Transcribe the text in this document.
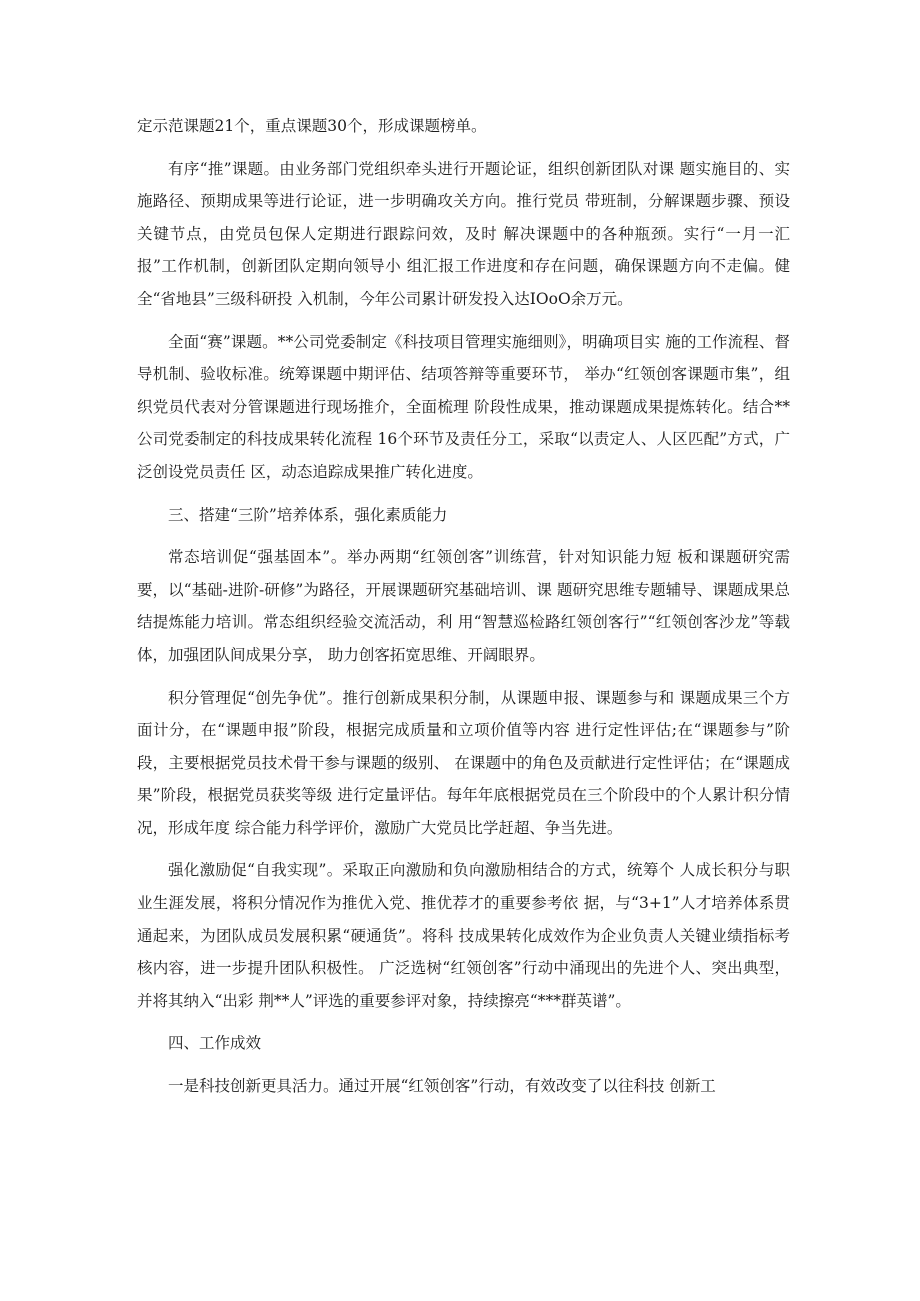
定示范课题21个，重点课题30个，形成课题榜单。

有序“推”课题。由业务部门党组织牵头进行开题论证，组织创新团队对课 题实施目的、实施路径、预期成果等进行论证，进一步明确攻关方向。推行党员 带班制，分解课题步骤、预设关键节点，由党员包保人定期进行跟踪问效，及时 解决课题中的各种瓶颈。实行“一月一汇报”工作机制，创新团队定期向领导小 组汇报工作进度和存在问题，确保课题方向不走偏。健全“省地县”三级科研投 入机制，今年公司累计研发投入达IOoO余万元。

全面“赛”课题。**公司党委制定《科技项目管理实施细则》，明确项目实 施的工作流程、督导机制、验收标准。统筹课题中期评估、结项答辩等重要环节， 举办“红领创客课题市集”，组织党员代表对分管课题进行现场推介，全面梳理 阶段性成果，推动课题成果提炼转化。结合**公司党委制定的科技成果转化流程 16个环节及责任分工，采取“以责定人、人区匹配”方式，广泛创设党员责任 区，动态追踪成果推广转化进度。

三、搭建“三阶”培养体系，强化素质能力

常态培训促“强基固本”。举办两期“红领创客”训练营，针对知识能力短 板和课题研究需要，以“基础-进阶-研修”为路径，开展课题研究基础培训、课 题研究思维专题辅导、课题成果总结提炼能力培训。常态组织经验交流活动，利 用“智慧巡检路红领创客行”“红领创客沙龙”等载体，加强团队间成果分享， 助力创客拓宽思维、开阔眼界。

积分管理促“创先争优”。推行创新成果积分制，从课题申报、课题参与和 课题成果三个方面计分，在“课题申报”阶段，根据完成质量和立项价值等内容 进行定性评估;在“课题参与”阶段，主要根据党员技术骨干参与课题的级别、 在课题中的角色及贡献进行定性评估；在“课题成果”阶段，根据党员获奖等级 进行定量评估。每年年底根据党员在三个阶段中的个人累计积分情况，形成年度 综合能力科学评价，激励广大党员比学赶超、争当先进。

强化激励促“自我实现”。采取正向激励和负向激励相结合的方式，统筹个 人成长积分与职业生涯发展，将积分情况作为推优入党、推优荐才的重要参考依 据，与“3+1”人才培养体系贯通起来，为团队成员发展积累“硬通货”。将科 技成果转化成效作为企业负责人关键业绩指标考核内容，进一步提升团队积极性。 广泛选树“红领创客”行动中涌现出的先进个人、突出典型，并将其纳入“出彩 荆**人”评选的重要参评对象，持续擦亮“***群英谱”。

四、工作成效

一是科技创新更具活力。通过开展“红领创客”行动，有效改变了以往科技 创新工
